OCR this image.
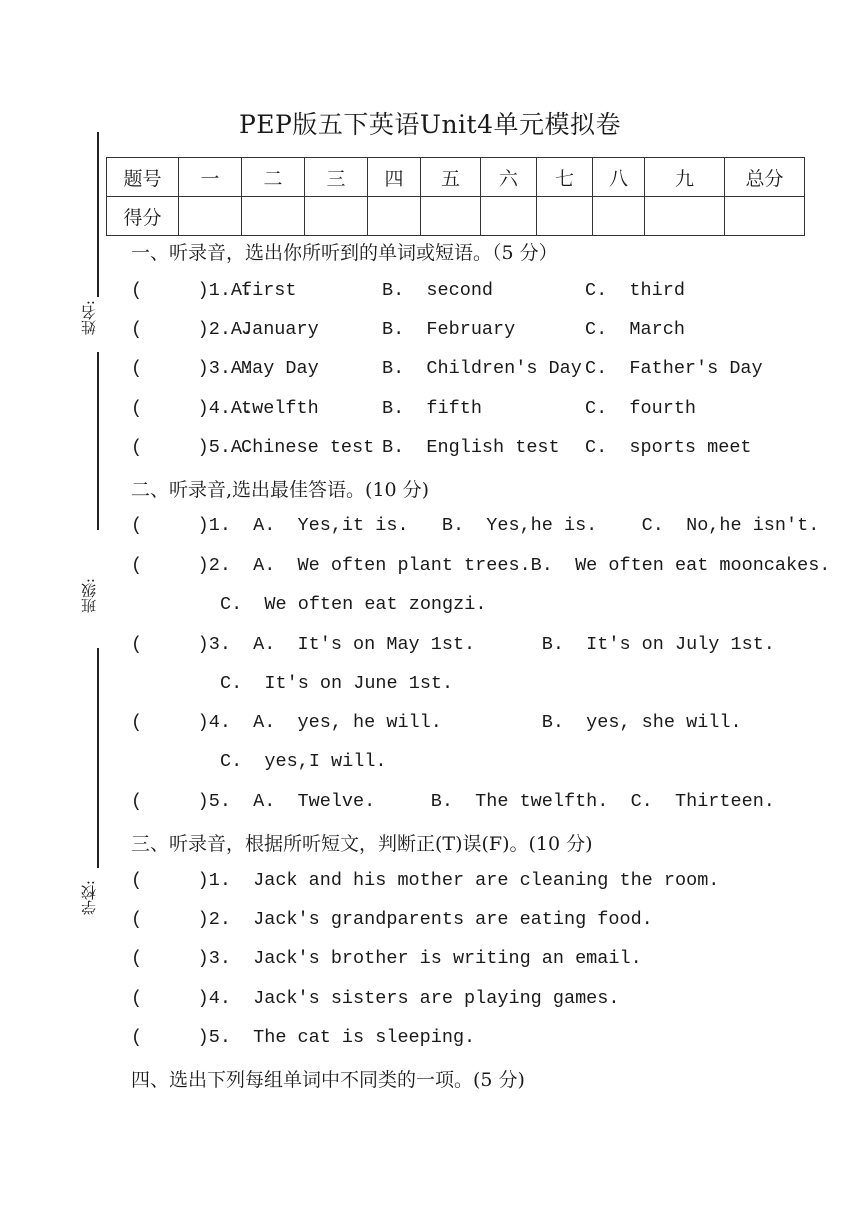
PEP版五下英语Unit4单元模拟卷
姓名:
班级:
学校:
题号	一	二	三	四	五	六	七	八	九	总分
得分										
一、听录音，选出你所听到的单词或短语。（5 分）
(     )1.A.
first	B.  second	C.  third
(     )2.A.
January	B.  February	C.  March
(     )3.A.
May Day	B.  Children's Day C.  Father's Day
(     )4.A.
twelfth	B.  fifth	C.  fourth
(     )5.A.
Chinese test B.  English test C.  sports meet
二、听录音,选出最佳答语。(10 分)
(     )1.  A.  Yes,it is.   B.  Yes,he is.    C.  No,he isn't.
(     )2.  A.  We often plant trees.B.  We often eat mooncakes.
C.  We often eat zongzi.
(     )3.  A.  It's on May 1st.      B.  It's on July 1st.
C.  It's on June 1st.
(     )4.  A.  yes, he will.         B.  yes, she will.
C.  yes,I will.
(     )5.  A.  Twelve.     B.  The twelfth.  C.  Thirteen.
三、听录音，根据所听短文，判断正(T)误(F)。(10 分)
(     )1.  Jack and his mother are cleaning the room.
(     )2.  Jack's grandparents are eating food.
(     )3.  Jack's brother is writing an email.
(     )4.  Jack's sisters are playing games.
(     )5.  The cat is sleeping.
四、选出下列每组单词中不同类的一项。(5 分)
